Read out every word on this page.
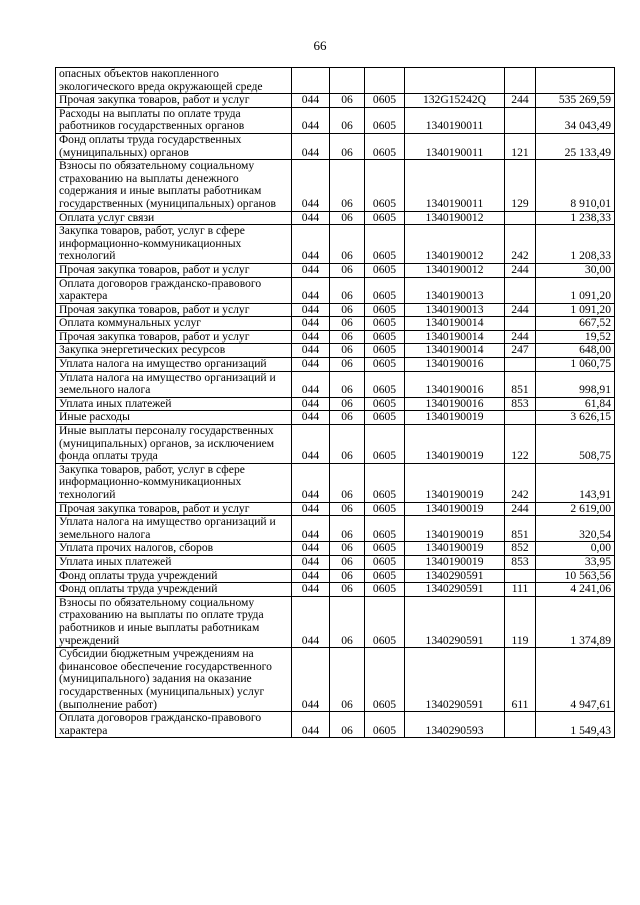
66
опасных объектов накопленного экологического вреда окружающей среде						
Прочая закупка товаров, работ и услуг	044	06	0605	132G15242Q	244	535 269,59
Расходы на выплаты по оплате труда работников государственных органов	044	06	0605	1340190011		34 043,49
Фонд оплаты труда государственных (муниципальных) органов	044	06	0605	1340190011	121	25 133,49
Взносы по обязательному социальному страхованию на выплаты денежного содержания и иные выплаты работникам государственных (муниципальных) органов	044	06	0605	1340190011	129	8 910,01
Оплата услуг связи	044	06	0605	1340190012		1 238,33
Закупка товаров, работ, услуг в сфере информационно-коммуникационных технологий	044	06	0605	1340190012	242	1 208,33
Прочая закупка товаров, работ и услуг	044	06	0605	1340190012	244	30,00
Оплата договоров гражданско-правового характера	044	06	0605	1340190013		1 091,20
Прочая закупка товаров, работ и услуг	044	06	0605	1340190013	244	1 091,20
Оплата коммунальных услуг	044	06	0605	1340190014		667,52
Прочая закупка товаров, работ и услуг	044	06	0605	1340190014	244	19,52
Закупка энергетических ресурсов	044	06	0605	1340190014	247	648,00
Уплата налога на имущество организаций	044	06	0605	1340190016		1 060,75
Уплата налога на имущество организаций и земельного налога	044	06	0605	1340190016	851	998,91
Уплата иных платежей	044	06	0605	1340190016	853	61,84
Иные расходы	044	06	0605	1340190019		3 626,15
Иные выплаты персоналу государственных (муниципальных) органов, за исключением фонда оплаты труда	044	06	0605	1340190019	122	508,75
Закупка товаров, работ, услуг в сфере информационно-коммуникационных технологий	044	06	0605	1340190019	242	143,91
Прочая закупка товаров, работ и услуг	044	06	0605	1340190019	244	2 619,00
Уплата налога на имущество организаций и земельного налога	044	06	0605	1340190019	851	320,54
Уплата прочих налогов, сборов	044	06	0605	1340190019	852	0,00
Уплата иных платежей	044	06	0605	1340190019	853	33,95
Фонд оплаты труда учреждений	044	06	0605	1340290591		10 563,56
Фонд оплаты труда учреждений	044	06	0605	1340290591	111	4 241,06
Взносы по обязательному социальному страхованию на выплаты по оплате труда работников и иные выплаты работникам учреждений	044	06	0605	1340290591	119	1 374,89
Субсидии бюджетным учреждениям на финансовое обеспечение государственного (муниципального) задания на оказание государственных (муниципальных) услуг (выполнение работ)	044	06	0605	1340290591	611	4 947,61
Оплата договоров гражданско-правового характера	044	06	0605	1340290593		1 549,43
